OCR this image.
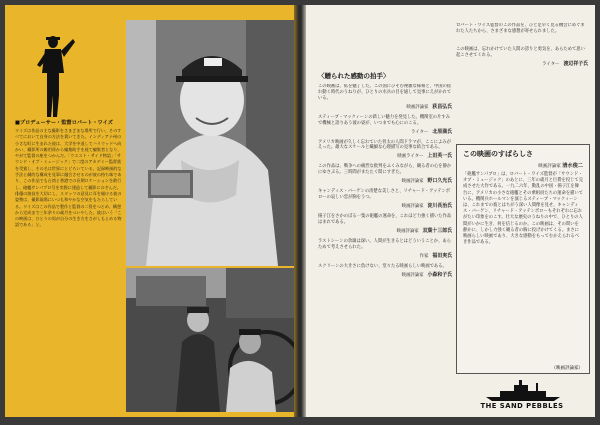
■プロデューサー・監督ロバート・ワイズ
ワイズは作品の主な撮影をさまざまな場所で行い、そのすべてにおいて自身の方法を貫いてきた。インディアナ州の小さな町に生まれた彼は、大学を中退してハリウッドへ向かい、撮影所の雑用係から編集助手を経て編集者となり、やがて監督の座をつかんだ。「ウエスト・サイド物語」「サウンド・オブ・ミュージック」で二度のアカデミー監督賞を受賞し、その名は世界にとどろいている。記録映画的な手法と劇的な構成を見事に融合させるのが彼の持ち味であり、この作品でも台湾と香港での長期ロケーションを敢行し、砲艦サンパブロ号を実際に建造して撮影にのぞんだ。俳優の演技を大切にし、スタッフの意見に耳を傾ける彼の姿勢は、撮影現場にいつも和やかな空気をもたらしている。ワイズはこの作品で製作と監督の二役をつとめ、構想から完成まで三年余りの歳月をついやした。彼はいう「この映画は、ひとりの男が自分の生き方をさがしもとめる物語である」と。
〈贈られた感動の拍手〉

この映画は、私を魅了した。この国にひそむ複雑な様相と、中国の揺れ動く時代のうねりが、ひとりの水兵の目を通して見事にえがかれている。

映画評論家 荻昌弘氏

スティーブ・マックィーンの新しい魅力を発見した。機関室の片すみで機械と語りあう彼の姿が、いつまでも心にのこる。

ライター 北原満氏

アメリカ映画が久しく忘れていた骨太の人間ドラマが、ここによみがえった。雄大なスケールと繊細な心理描写の見事な結合である。

映画ライター 上田英一氏

この作品は、戦争への痛烈な批判をふくみながら、観る者の心を静かにゆさぶる。三時間がまたたく間にすぎた。

映画評論家 野口久光氏

キャンディス・バーゲンの清楚な美しさと、リチャード・アッテンボローの哀しい恋が胸をうつ。

映画評論家 淀川長治氏

揚子江をさかのぼる一隻の砲艦の運命を、これほど力強く描いた作品はまれである。

映画評論家 双葉十三郎氏

ラストシーンの余韻は深い。人間が生きるとはどういうことか、あらためて考えさせられた。

作家 福田実氏

スクリーンの大きさに負けない、堂々たる映画らしい映画である。

映画評論家 小森和子氏

ロバート・ワイズ監督のこの作品を、ひと足早く見る機会にめぐまれた人たちから、さまざまな感想が寄せられました。

この映画は、忘れかけていた人間の誇りと勇気を、あらためて思い起こさせてくれる。

ライター 渡辺祥子氏

この映画のすばらしさ
映画評論家 清水俊二
「砲艦サンパブロ」は、ロバート・ワイズ監督が「サウンド・オブ・ミュージック」のあとに、三年の歳月と巨費を投じて完成させた大作である。一九二六年、動乱の中国・揚子江を舞台に、アメリカの小さな砲艦とその乗組員たちの運命を描いている。機関兵ホールマンを演じるスティーブ・マックィーンは、これまでの彼とはちがう深い人間像を見せ、キャンディス・バーゲン、リチャード・アッテンボローもそれぞれに忘れがたい印象をのこす。壮大な歴史のうねりの中で、ひとりの人間がいかに生き、何を信じるのか。この映画は、その問いを静かに、しかし力強く観る者の胸に投げかけてくる。まさに映画らしい映画であり、大きな感動をもってむかえられるべき作品である。
（映画評論家）
THE SAND PEBBLES
